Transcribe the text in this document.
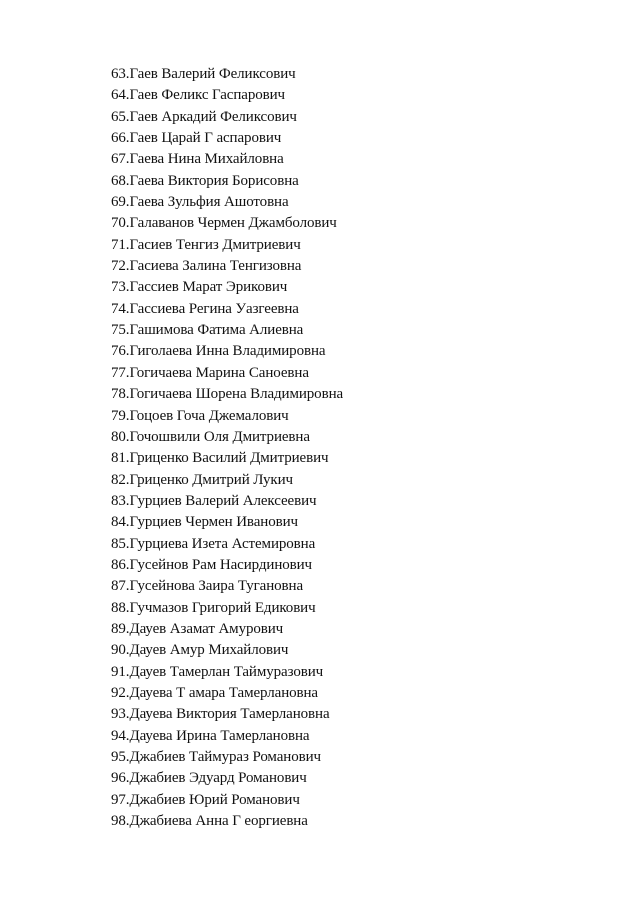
63.Гаев Валерий Феликсович
64.Гаев Феликс Гаспарович
65.Гаев Аркадий Феликсович
66.Гаев Царай Г аспарович
67.Гаева Нина Михайловна
68.Гаева Виктория Борисовна
69.Гаева Зульфия Ашотовна
70.Галаванов Чермен Джамболович
71.Гасиев Тенгиз Дмитриевич
72.Гасиева Залина Тенгизовна
73.Гассиев Марат Эрикович
74.Гассиева Регина Уазгеевна
75.Гашимова Фатима Алиевна
76.Гиголаева Инна Владимировна
77.Гогичаева Марина Саноевна
78.Гогичаева Шорена Владимировна
79.Гоцоев Гоча Джемалович
80.Гочошвили Оля Дмитриевна
81.Гриценко Василий Дмитриевич
82.Гриценко Дмитрий Лукич
83.Гурциев Валерий Алексеевич
84.Гурциев Чермен Иванович
85.Гурциева Изета Астемировна
86.Гусейнов Рам Насирдинович
87.Гусейнова Заира Тугановна
88.Гучмазов Григорий Едикович
89.Дауев Азамат Амурович
90.Дауев Амур Михайлович
91.Дауев Тамерлан Таймуразович
92.Дауева Т амара Тамерлановна
93.Дауева Виктория Тамерлановна
94.Дауева Ирина Тамерлановна
95.Джабиев Таймураз Романович
96.Джабиев Эдуард Романович
97.Джабиев Юрий Романович
98.Джабиева Анна Г еоргиевна
